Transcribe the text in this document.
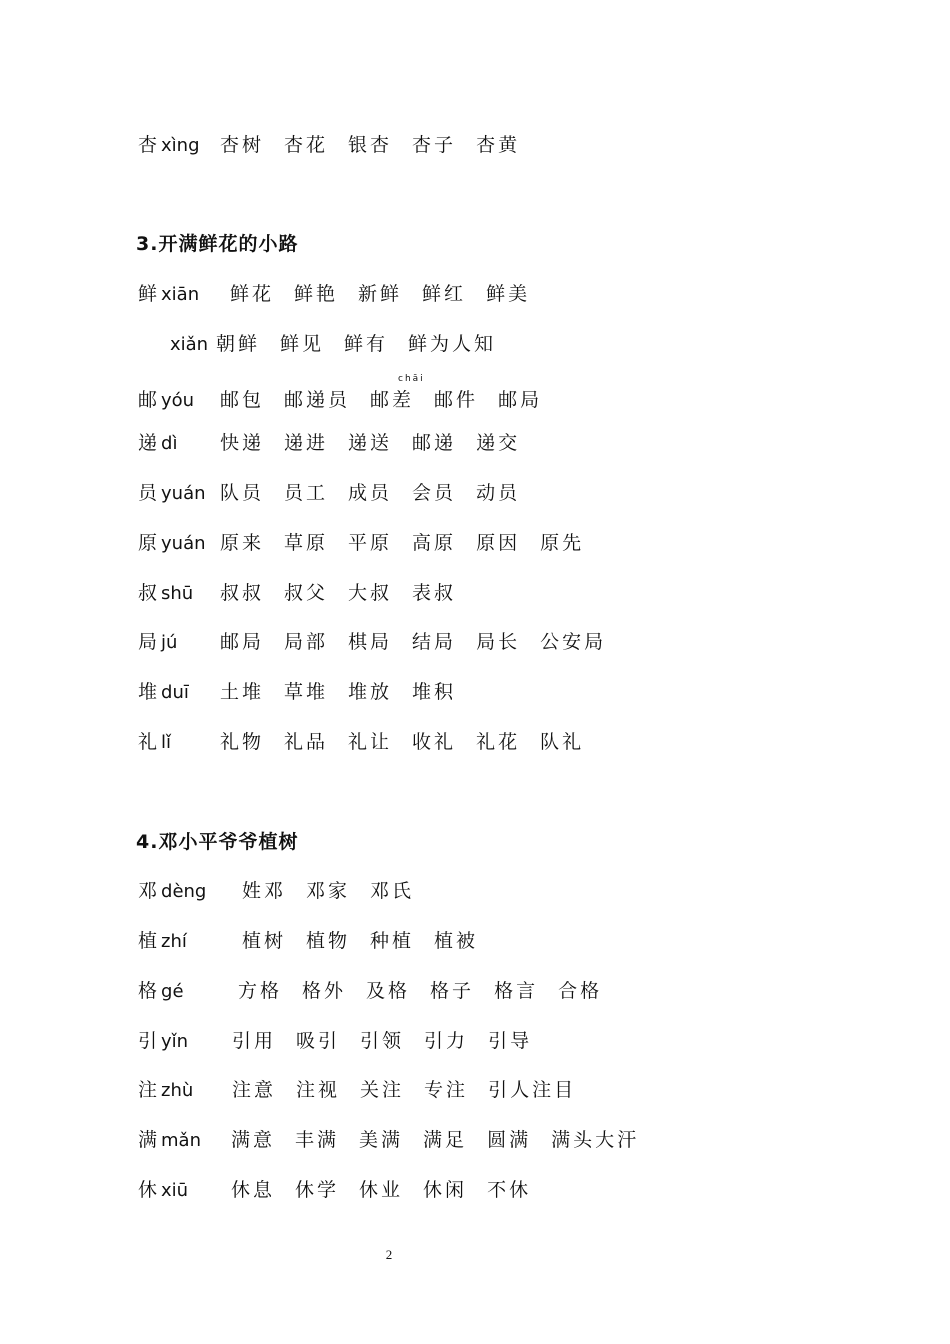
3.开满鲜花的小路
4.邓小平爷爷植树
chāi
2
杏 xìng 杏树 杏花 银杏 杏子 杏黄
鲜 xiān 鲜花 鲜艳 新鲜 鲜红 鲜美
xiǎn 朝鲜 鲜见 鲜有 鲜为人知
邮 yóu 邮包 邮递员 邮差 邮件 邮局
递 dì 快递 递进 递送 邮递 递交
员 yuán 队员 员工 成员 会员 动员
原 yuán 原来 草原 平原 高原 原因 原先
叔 shū 叔叔 叔父 大叔 表叔
局 jú 邮局 局部 棋局 结局 局长 公安局
堆 duī 土堆 草堆 堆放 堆积
礼 lǐ	礼物 礼品 礼让 收礼 礼花 队礼
邓 dèng 姓邓 邓家 邓氏
植 zhí	植树 植物 种植 植被
格 gé	方格 格外 及格 格子 格言 合格
引 yǐn 引用 吸引 引领 引力 引导
注 zhù 注意 注视 关注 专注 引人注目
满 mǎn 满意 丰满 美满 满足 圆满 满头大汗
休 xiū 休息 休学 休业 休闲 不休
